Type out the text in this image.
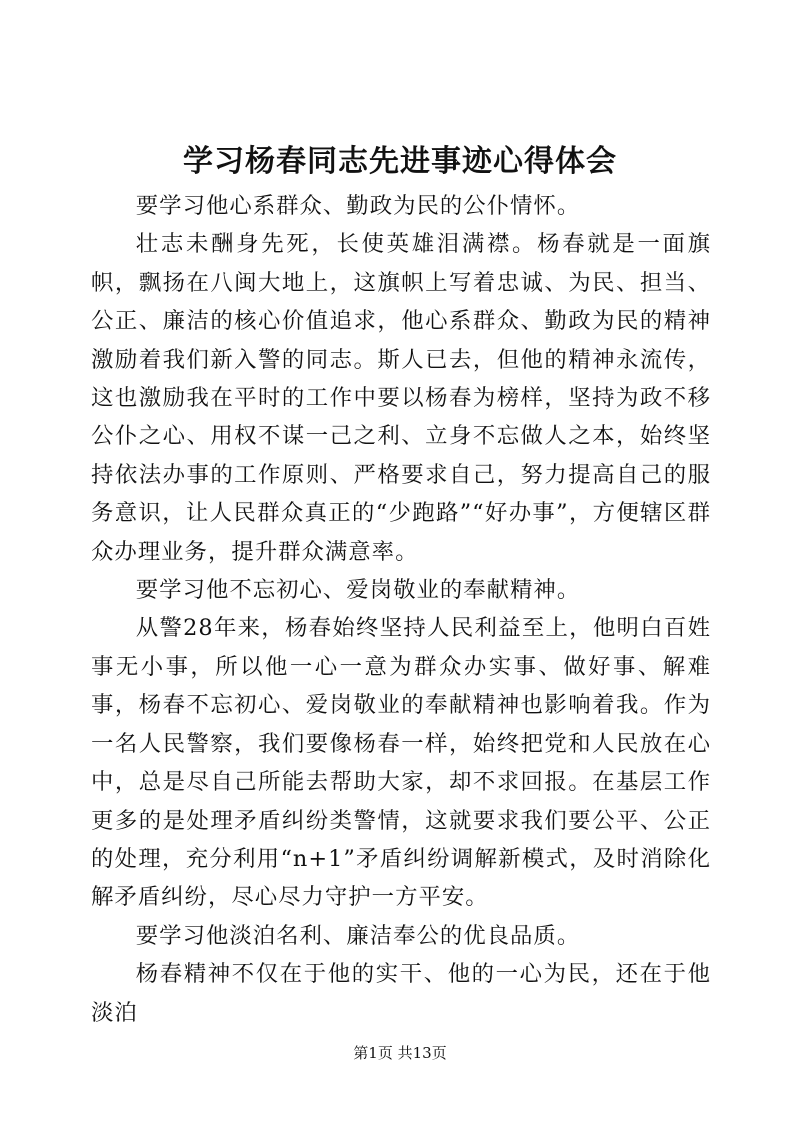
学习杨春同志先进事迹心得体会

要学习他心系群众、勤政为民的公仆情怀。

壮志未酬身先死，长使英雄泪满襟。杨春就是一面旗帜，飘扬在八闽大地上，这旗帜上写着忠诚、为民、担当、公正、廉洁的核心价值追求，他心系群众、勤政为民的精神激励着我们新入警的同志。斯人已去，但他的精神永流传，这也激励我在平时的工作中要以杨春为榜样，坚持为政不移公仆之心、用权不谋一己之利、立身不忘做人之本，始终坚持依法办事的工作原则、严格要求自己，努力提高自己的服务意识，让人民群众真正的“少跑路”“好办事”，方便辖区群众办理业务，提升群众满意率。

要学习他不忘初心、爱岗敬业的奉献精神。

从警28年来，杨春始终坚持人民利益至上，他明白百姓事无小事，所以他一心一意为群众办实事、做好事、解难事，杨春不忘初心、爱岗敬业的奉献精神也影响着我。作为一名人民警察，我们要像杨春一样，始终把党和人民放在心中，总是尽自己所能去帮助大家，却不求回报。在基层工作更多的是处理矛盾纠纷类警情，这就要求我们要公平、公正的处理，充分利用“n+1”矛盾纠纷调解新模式，及时消除化解矛盾纠纷，尽心尽力守护一方平安。

要学习他淡泊名利、廉洁奉公的优良品质。

杨春精神不仅在于他的实干、他的一心为民，还在于他淡泊

第1页 共13页
